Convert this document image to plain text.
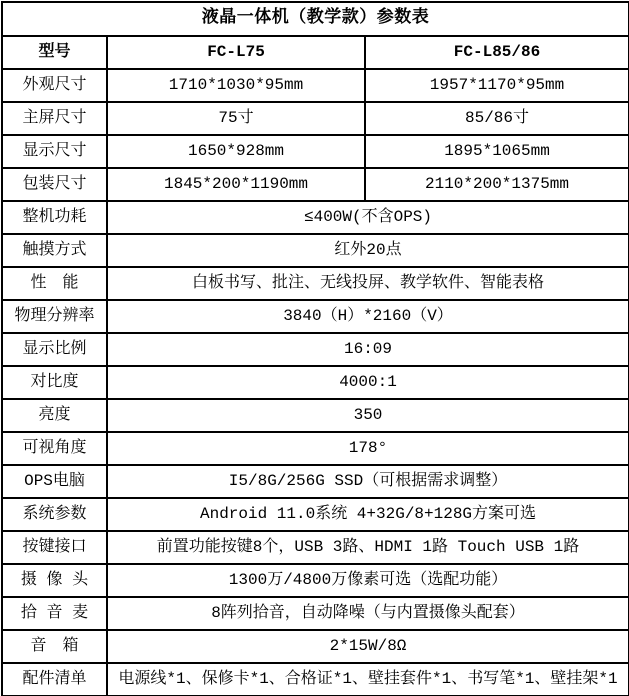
液晶一体机（教学款）参数表		
型号	FC-L75	FC-L85/86
外观尺寸	1710*1030*95mm	1957*1170*95mm
主屏尺寸	75寸	85/86寸
显示尺寸	1650*928mm	1895*1065mm
包装尺寸	1845*200*1190mm	2110*200*1375mm
整机功耗	≤400W(不含OPS)	
触摸方式	红外20点	
性　能	白板书写、批注、无线投屏、教学软件、智能表格	
物理分辨率	3840（H）*2160（V）	
显示比例	16:09	
对比度	4000:1	
亮度	350	
可视角度	178°	
OPS电脑	I5/8G/256G SSD（可根据需求调整）	
系统参数	Android 11.0系统 4+32G/8+128G方案可选	
按键接口	前置功能按键8个，USB 3路、HDMI 1路 Touch USB 1路	
摄 像 头	1300万/4800万像素可选（选配功能）	
拾 音 麦	8阵列拾音，自动降噪（与内置摄像头配套）	
音　箱	2*15W/8Ω	
配件清单	电源线*1、保修卡*1、合格证*1、壁挂套件*1、书写笔*1、壁挂架*1	
